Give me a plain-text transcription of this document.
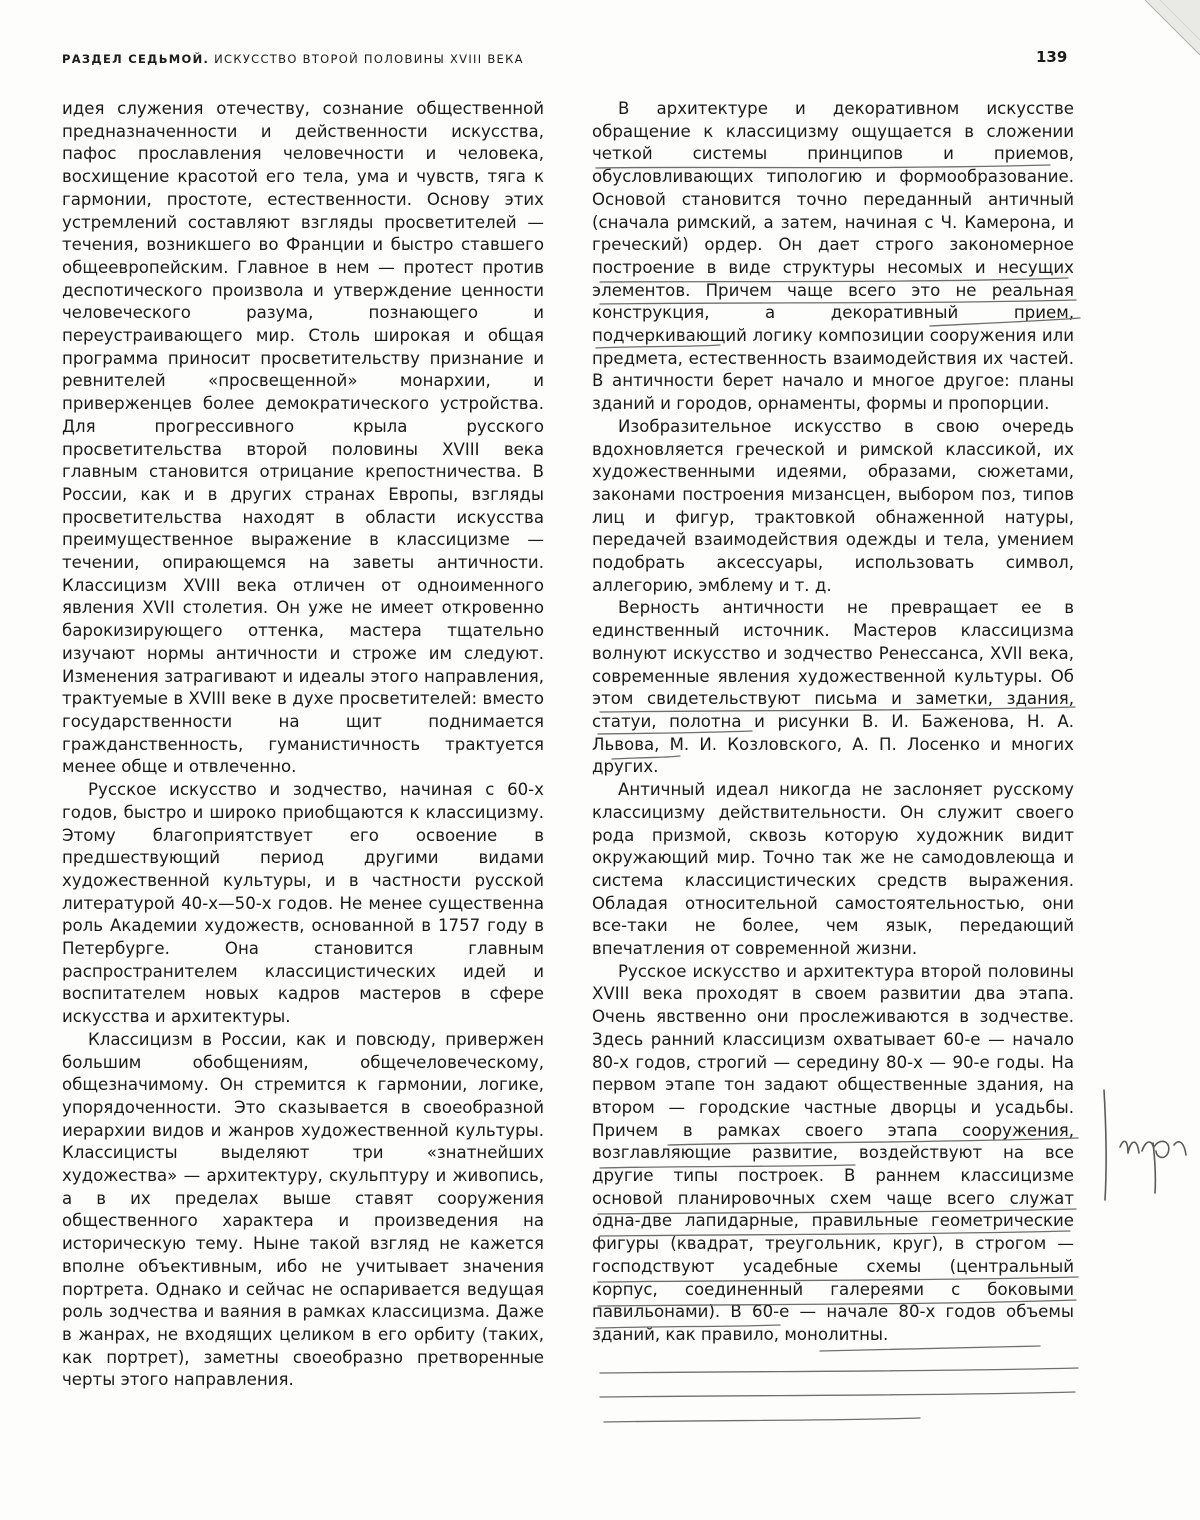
РАЗДЕЛ СЕДЬМОЙ. ИСКУССТВО ВТОРОЙ ПОЛОВИНЫ XVIII ВЕКА	139

идея служения отечеству, сознание общественной предназначенности и действенности искусства, пафос прославления человечности и человека, восхищение красотой его тела, ума и чувств, тяга к гармонии, простоте, естественности. Основу этих устремлений составляют взгляды просветителей — течения, возникшего во Франции и быстро ставшего общеевропейским. Главное в нем — протест против деспотического произвола и утверждение ценности человеческого разума, познающего и переустраивающего мир. Столь широкая и общая программа приносит просветительству признание и ревнителей «просвещенной» монархии, и приверженцев более демократического устройства. Для прогрессивного крыла русского просветительства второй половины XVIII века главным становится отрицание крепостничества. В России, как и в других странах Европы, взгляды просветительства находят в области искусства преимущественное выражение в классицизме — течении, опирающемся на заветы античности. Классицизм XVIII века отличен от одноименного явления XVII столетия. Он уже не имеет откровенно барокизирующего оттенка, мастера тщательно изучают нормы античности и строже им следуют. Изменения затрагивают и идеалы этого направления, трактуемые в XVIII веке в духе просветителей: вместо государственности на щит поднимается гражданственность, гуманистичность трактуется менее обще и отвлеченно.

Русское искусство и зодчество, начиная с 60-х годов, быстро и широко приобщаются к классицизму. Этому благоприятствует его освоение в предшествующий период другими видами художественной культуры, и в частности русской литературой 40-х—50-х годов. Не менее существенна роль Академии художеств, основанной в 1757 году в Петербурге. Она становится главным распространителем классицистических идей и воспитателем новых кадров мастеров в сфере искусства и архитектуры.

Классицизм в России, как и повсюду, привержен большим обобщениям, общечеловеческому, общезначимому. Он стремится к гармонии, логике, упорядоченности. Это сказывается в своеобразной иерархии видов и жанров художественной культуры. Классицисты выделяют три «знатнейших художества» — архитектуру, скульптуру и живопись, а в их пределах выше ставят сооружения общественного характера и произведения на историческую тему. Ныне такой взгляд не кажется вполне объективным, ибо не учитывает значения портрета. Однако и сейчас не оспаривается ведущая роль зодчества и ваяния в рамках классицизма. Даже в жанрах, не входящих целиком в его орбиту (таких, как портрет), заметны своеобразно претворенные черты этого направления.

В архитектуре и декоративном искусстве обращение к классицизму ощущается в сложении четкой системы принципов и приемов, обусловливающих типологию и формообразование. Основой становится точно переданный античный (сначала римский, а затем, начиная с Ч. Камерона, и греческий) ордер. Он дает строго закономерное построение в виде структуры несомых и несущих элементов. Причем чаще всего это не реальная конструкция, а декоративный прием, подчеркивающий логику композиции сооружения или предмета, естественность взаимодействия их частей. В античности берет начало и многое другое: планы зданий и городов, орнаменты, формы и пропорции.

Изобразительное искусство в свою очередь вдохновляется греческой и римской классикой, их художественными идеями, образами, сюжетами, законами построения мизансцен, выбором поз, типов лиц и фигур, трактовкой обнаженной натуры, передачей взаимодействия одежды и тела, умением подобрать аксессуары, использовать символ, аллегорию, эмблему и т. д.

Верность античности не превращает ее в единственный источник. Мастеров классицизма волнуют искусство и зодчество Ренессанса, XVII века, современные явления художественной культуры. Об этом свидетельствуют письма и заметки, здания, статуи, полотна и рисунки В. И. Баженова, Н. А. Львова, М. И. Козловского, А. П. Лосенко и многих других.

Античный идеал никогда не заслоняет русскому классицизму действительности. Он служит своего рода призмой, сквозь которую художник видит окружающий мир. Точно так же не самодовлеюща и система классицистических средств выражения. Обладая относительной самостоятельностью, они все-таки не более, чем язык, передающий впечатления от современной жизни.

Русское искусство и архитектура второй половины XVIII века проходят в своем развитии два этапа. Очень явственно они прослеживаются в зодчестве. Здесь ранний классицизм охватывает 60-е — начало 80-х годов, строгий — середину 80-х — 90-е годы. На первом этапе тон задают общественные здания, на втором — городские частные дворцы и усадьбы. Причем в рамках своего этапа сооружения, возглавляющие развитие, воздействуют на все другие типы построек. В раннем классицизме основой планировочных схем чаще всего служат одна-две лапидарные, правильные геометрические фигуры (квадрат, треугольник, круг), в строгом — господствуют усадебные схемы (центральный корпус, соединенный галереями с боковыми павильонами). В 60-е — начале 80-х годов объемы зданий, как правило, монолитны.
